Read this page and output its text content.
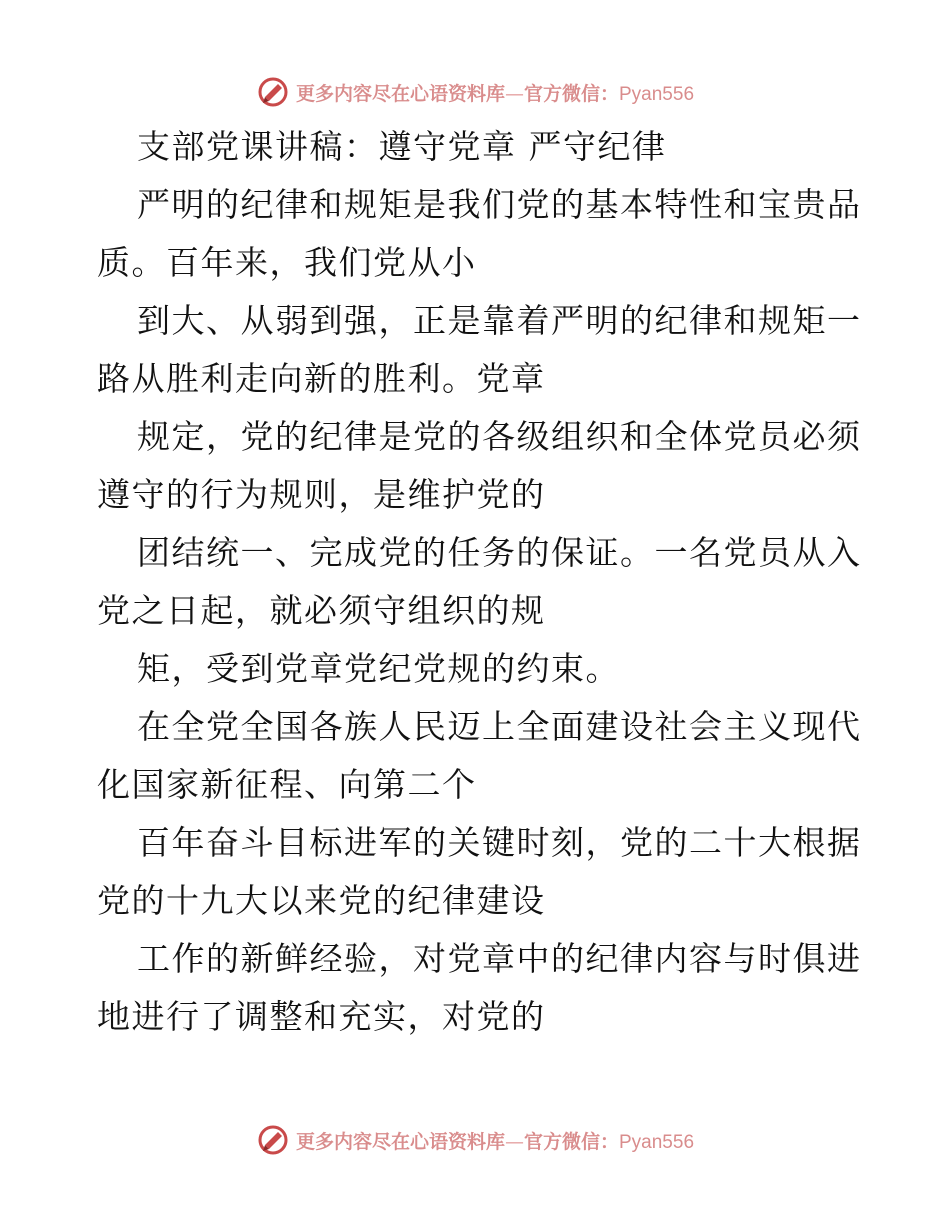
更多内容尽在心语资料库—官方微信：Pyan556
支部党课讲稿：遵守党章 严守纪律
严明的纪律和规矩是我们党的基本特性和宝贵品
质。百年来，我们党从小
到大、从弱到强，正是靠着严明的纪律和规矩一
路从胜利走向新的胜利。党章
规定，党的纪律是党的各级组织和全体党员必须
遵守的行为规则，是维护党的
团结统一、完成党的任务的保证。一名党员从入
党之日起，就必须守组织的规
矩，受到党章党纪党规的约束。
在全党全国各族人民迈上全面建设社会主义现代
化国家新征程、向第二个
百年奋斗目标进军的关键时刻，党的二十大根据
党的十九大以来党的纪律建设
工作的新鲜经验，对党章中的纪律内容与时俱进
地进行了调整和充实，对党的
更多内容尽在心语资料库—官方微信：Pyan556
